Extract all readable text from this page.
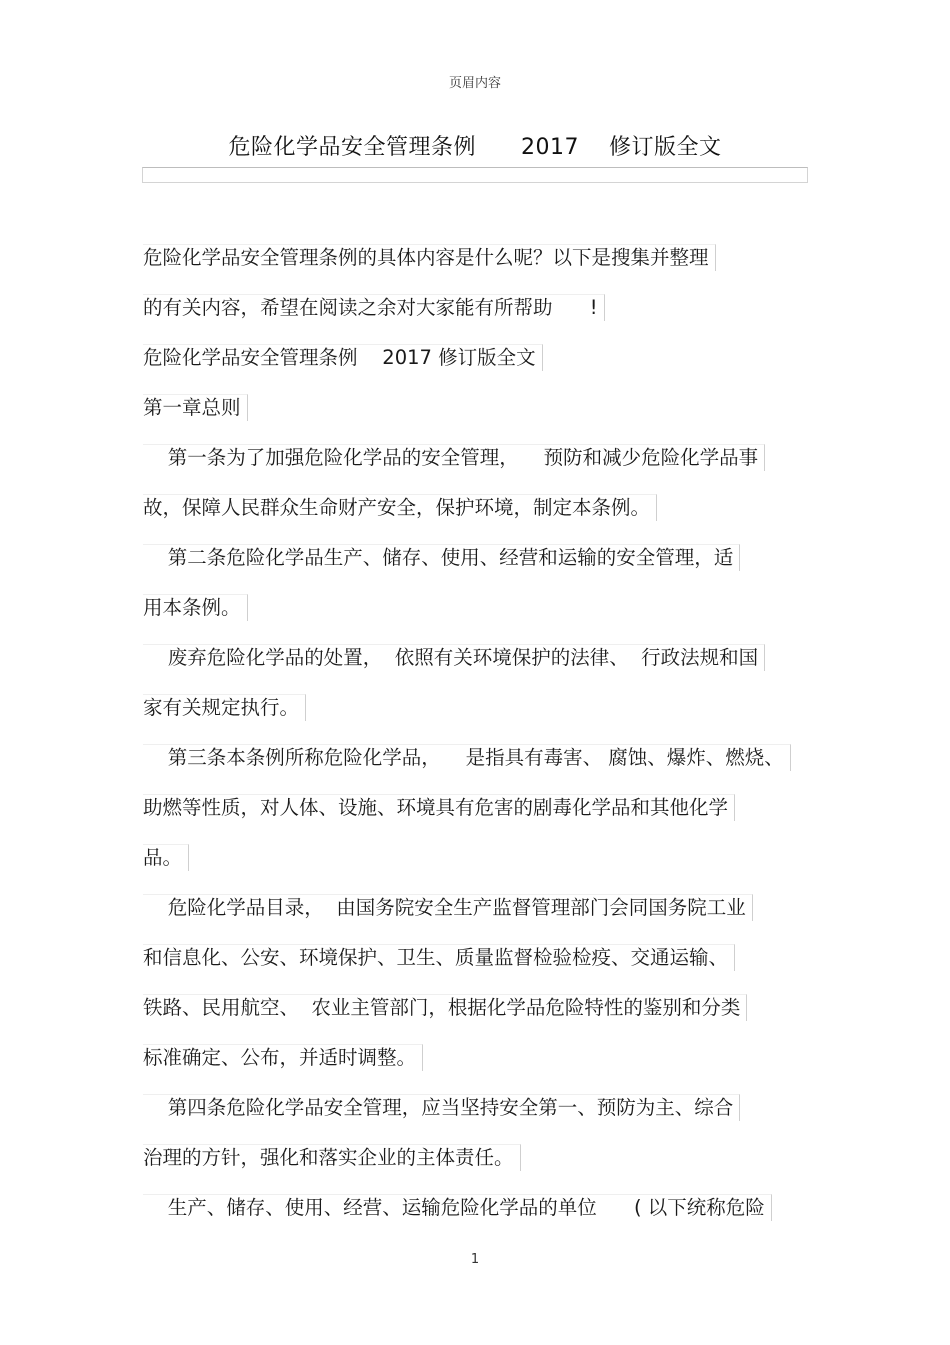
页眉内容
危险化学品安全管理条例      2017    修订版全文
危险化学品安全管理条例的具体内容是什么呢？以下是搜集并整理
的有关内容，希望在阅读之余对大家能有所帮助      !
危险化学品安全管理条例    2017 修订版全文
第一章总则
第一条为了加强危险化学品的安全管理，    预防和减少危险化学品事
故，保障人民群众生命财产安全，保护环境，制定本条例。
第二条危险化学品生产、储存、使用、经营和运输的安全管理，适
用本条例。
废弃危险化学品的处置，  依照有关环境保护的法律、  行政法规和国
家有关规定执行。
第三条本条例所称危险化学品，    是指具有毒害、 腐蚀、爆炸、燃烧、
助燃等性质，对人体、设施、环境具有危害的剧毒化学品和其他化学
品。
危险化学品目录，  由国务院安全生产监督管理部门会同国务院工业
和信息化、公安、环境保护、卫生、质量监督检验检疫、交通运输、
铁路、民用航空、  农业主管部门，根据化学品危险特性的鉴别和分类
标准确定、公布，并适时调整。
第四条危险化学品安全管理，应当坚持安全第一、预防为主、综合
治理的方针，强化和落实企业的主体责任。
生产、储存、使用、经营、运输危险化学品的单位      ( 以下统称危险
1
